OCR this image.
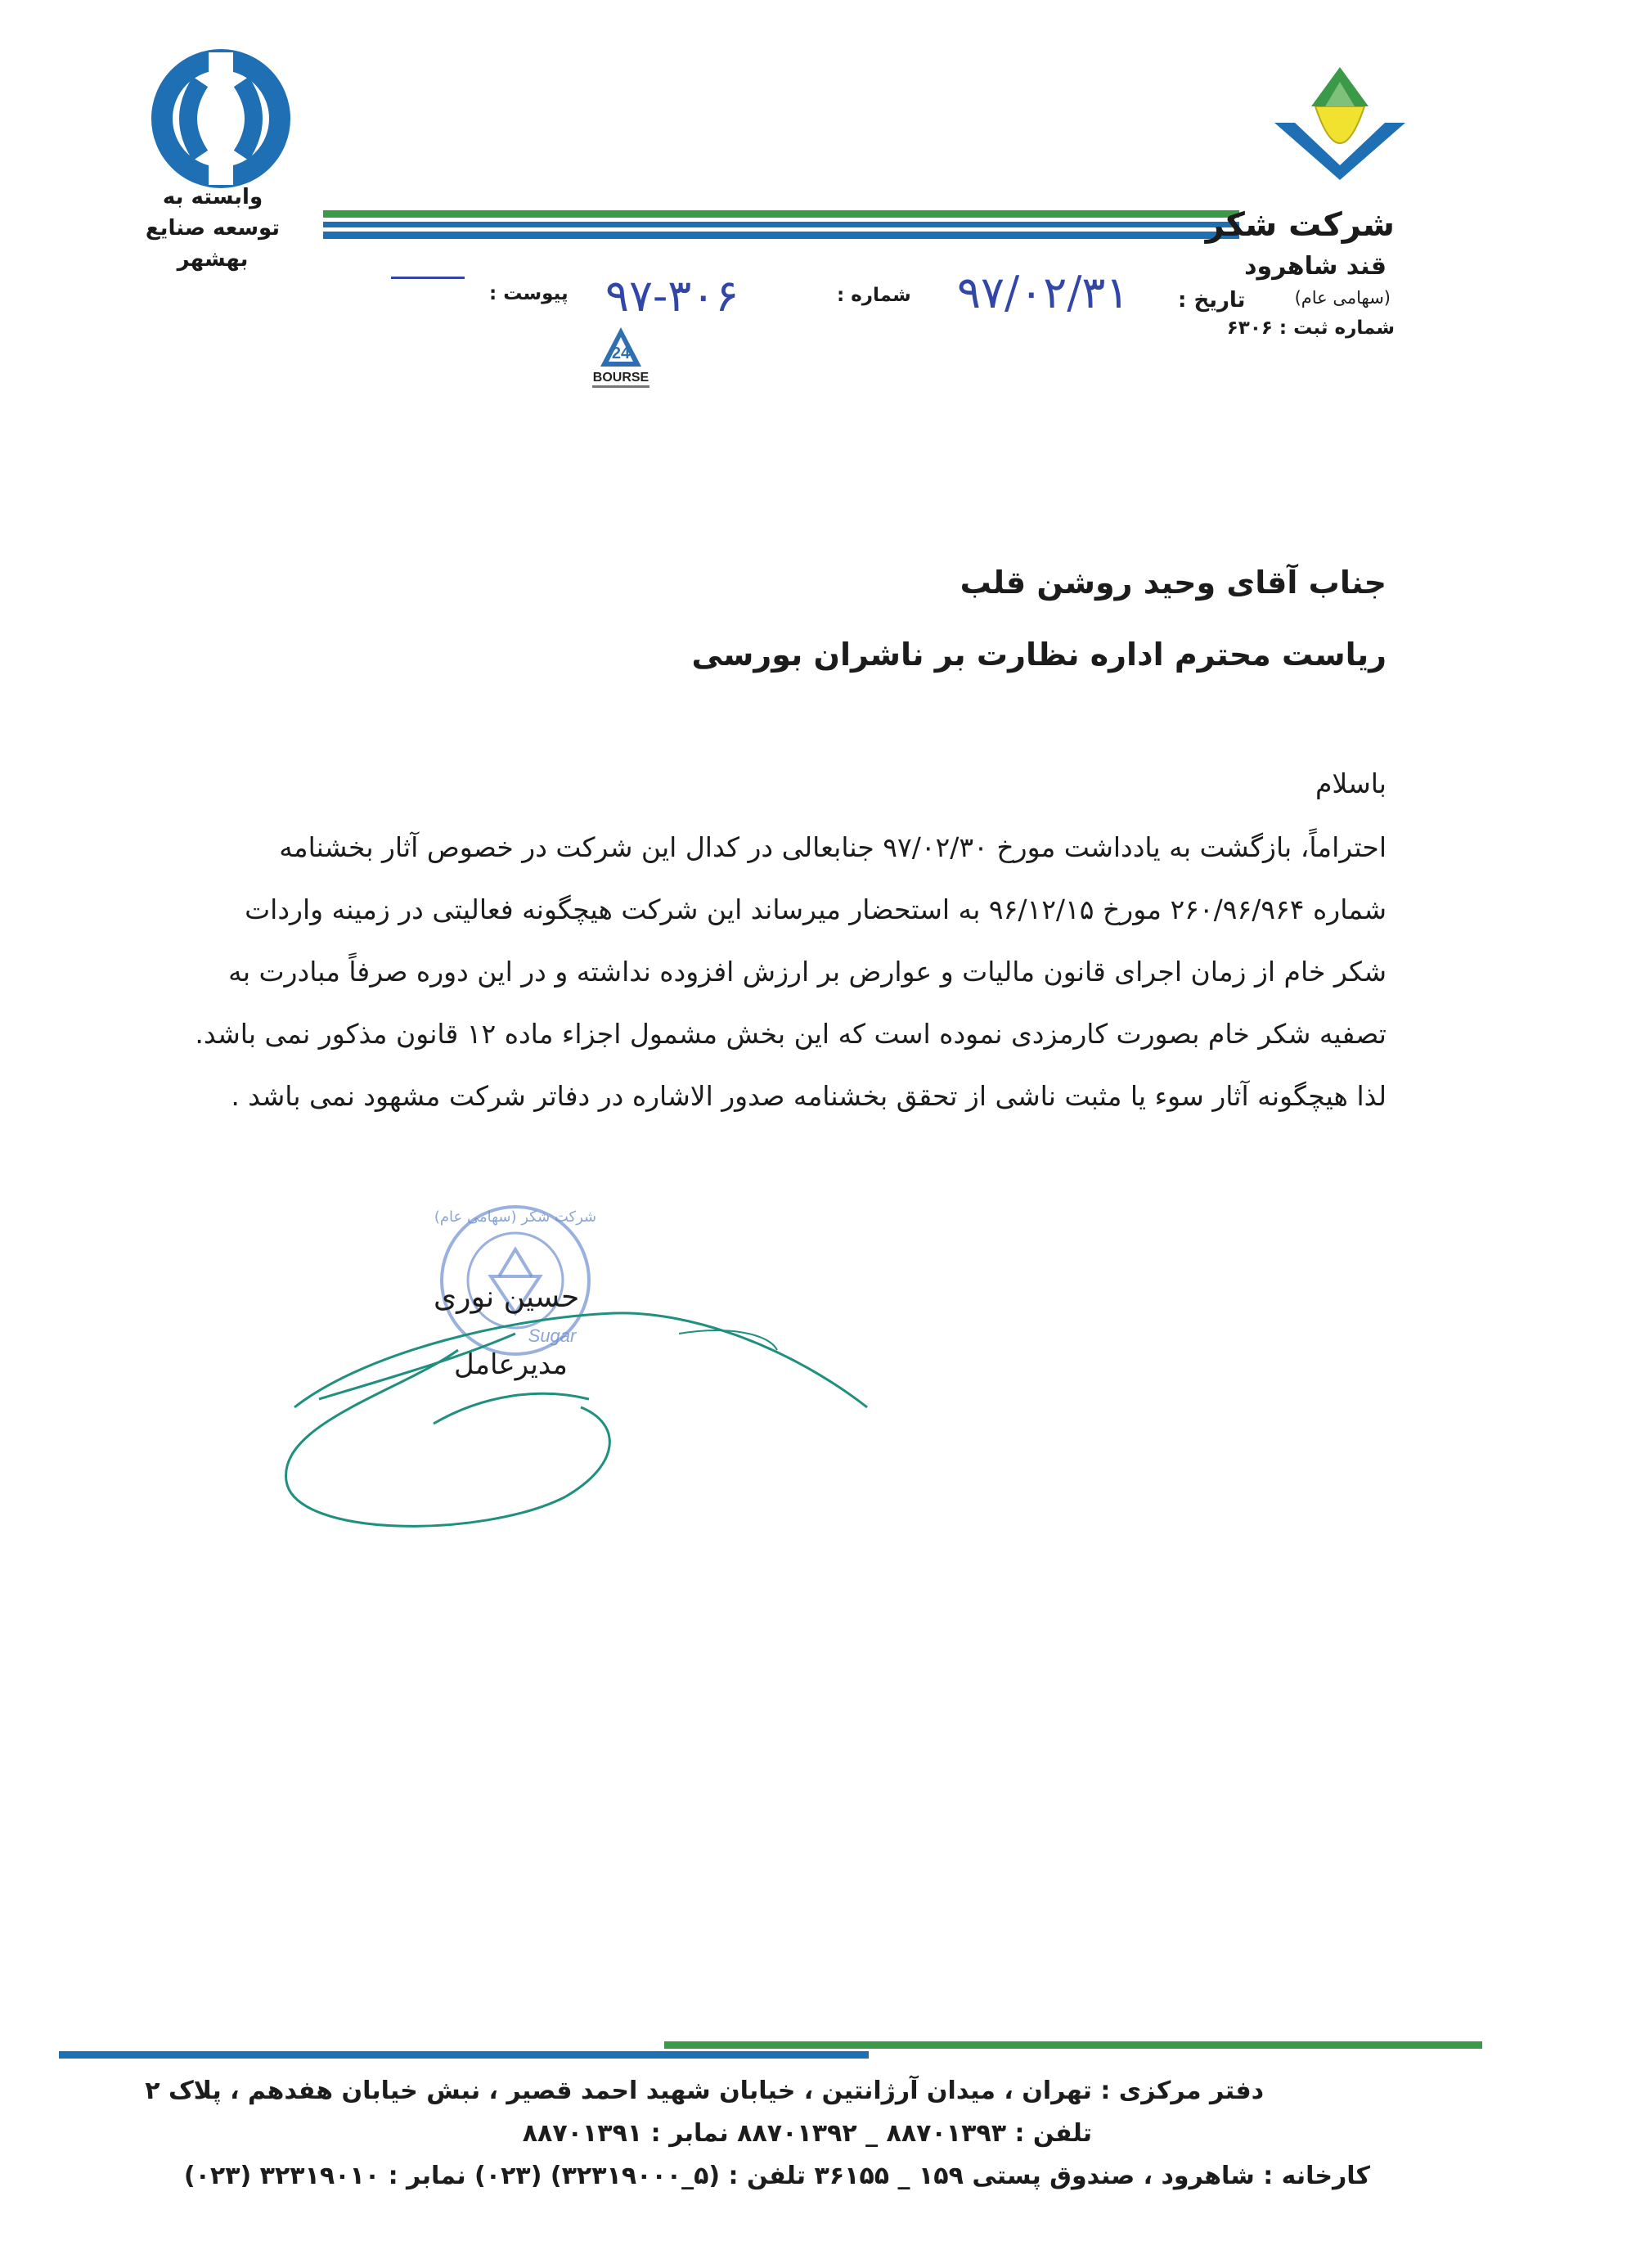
وابسته به
توسعه صنایع بهشهر
شرکت شکر
قند شاهرود
(سهامی عام)
شماره ثبت : ۶۳۰۶
تاریخ :
۹۷/۰۲/۳۱
شماره :
۹۷-۳۰۶
پیوست :
24
BOURSE
جناب آقای وحید روشن قلب
ریاست محترم اداره نظارت بر ناشران بورسی
باسلام

احتراماً، بازگشت به یادداشت مورخ ۹۷/۰۲/۳۰ جنابعالی در کدال این شرکت در خصوص آثار بخشنامه

شماره ۲۶۰/۹۶/۹۶۴ مورخ ۹۶/۱۲/۱۵ به استحضار میرساند این شرکت هیچگونه فعالیتی در زمینه واردات

شکر خام از زمان اجرای قانون مالیات و عوارض بر ارزش افزوده نداشته و در این دوره صرفاً مبادرت به

تصفیه شکر خام بصورت کارمزدی نموده است که این بخش مشمول اجزاء ماده ۱۲ قانون مذکور نمی باشد.

لذا هیچگونه آثار سوء یا مثبت ناشی از تحقق بخشنامه صدور الاشاره در دفاتر شرکت مشهود نمی باشد .

شرکت شکر (سهامی عام)
Sugar
حسین نوری
مدیرعامل
دفتر مرکزی : تهران ، میدان آرژانتین ، خیابان شهید احمد قصیر ، نبش خیابان هفدهم ، پلاک ۲
تلفن : ۸۸۷۰۱۳۹۳ _ ۸۸۷۰۱۳۹۲ نمابر : ۸۸۷۰۱۳۹۱
کارخانه : شاهرود ، صندوق پستی ۱۵۹ _ ۳۶۱۵۵ تلفن : (۵_۳۲۳۱۹۰۰۰) (۰۲۳) نمابر : ۳۲۳۱۹۰۱۰ (۰۲۳)
